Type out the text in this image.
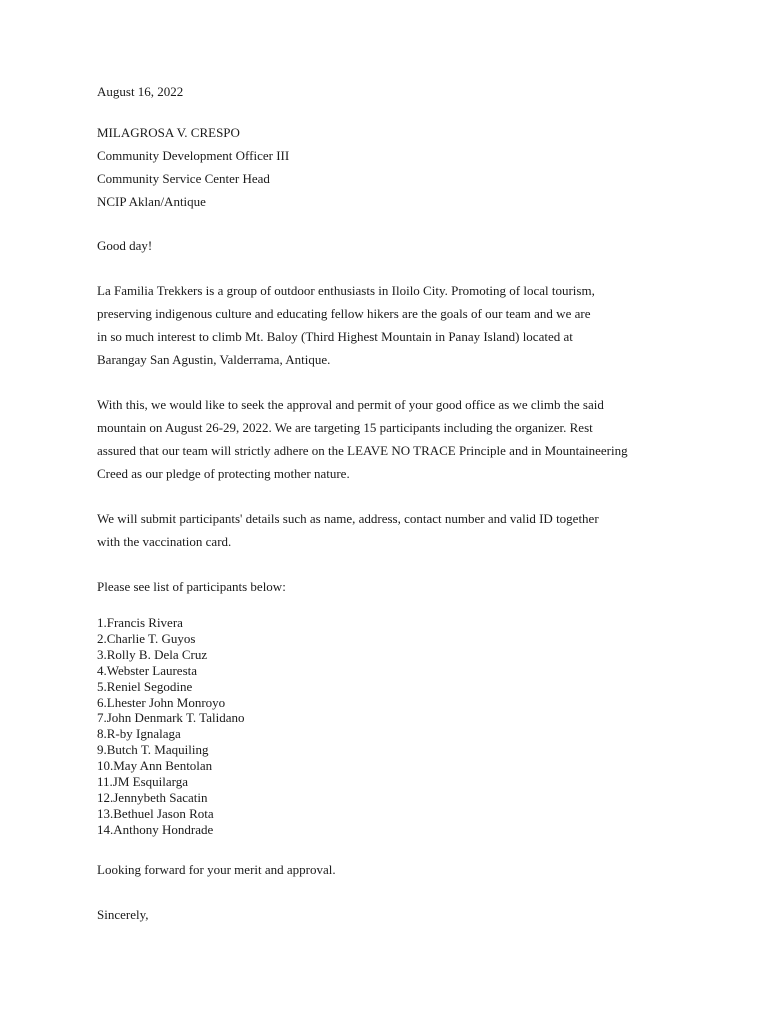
August 16, 2022
MILAGROSA V. CRESPO
Community Development Officer III
Community Service Center Head
NCIP Aklan/Antique
Good day!
La Familia Trekkers is a group of outdoor enthusiasts in Iloilo City. Promoting of local tourism,
preserving indigenous culture and educating fellow hikers are the goals of our team and we are
in so much interest to climb Mt. Baloy (Third Highest Mountain in Panay Island) located at
Barangay San Agustin, Valderrama, Antique.
With this, we would like to seek the approval and permit of your good office as we climb the said
mountain on August 26-29, 2022. We are targeting 15 participants including the organizer. Rest
assured that our team will strictly adhere on the LEAVE NO TRACE Principle and in Mountaineering
Creed as our pledge of protecting mother nature.
We will submit participants' details such as name, address, contact number and valid ID together
with the vaccination card.
Please see list of participants below:
1.Francis Rivera
2.Charlie T. Guyos
3.Rolly B. Dela Cruz
4.Webster Lauresta
5.Reniel Segodine
6.Lhester John Monroyo
7.John Denmark T. Talidano
8.R-by Ignalaga
9.Butch T. Maquiling
10.May Ann Bentolan
11.JM Esquilarga
12.Jennybeth Sacatin
13.Bethuel Jason Rota
14.Anthony Hondrade
Looking forward for your merit and approval.
Sincerely,
